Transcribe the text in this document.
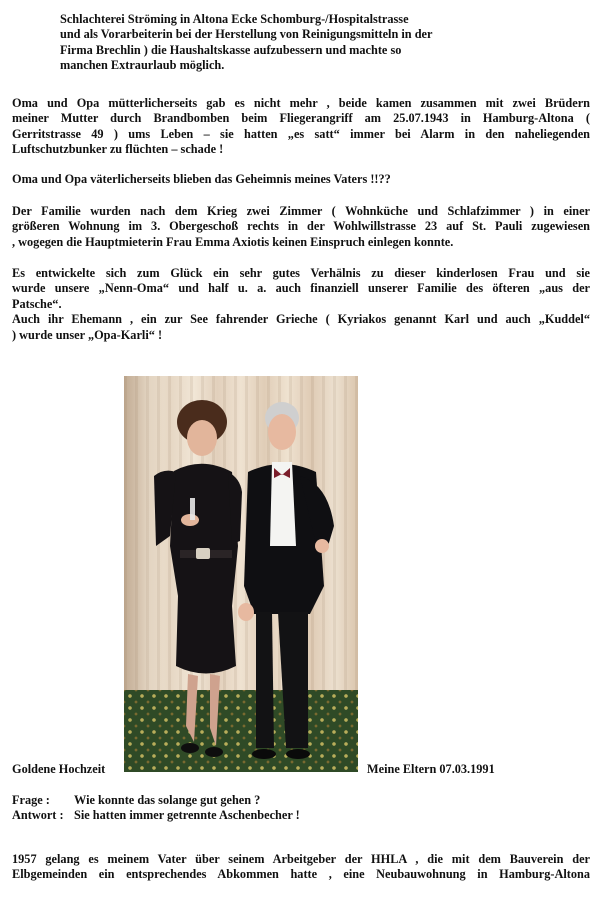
Schlachterei Ströming in Altona Ecke Schomburg-/Hospitalstrasse
und als Vorarbeiterin bei der Herstellung von Reinigungsmitteln in der
Firma Brechlin ) die Haushaltskasse aufzubessern und machte so
manchen Extraurlaub möglich.
Oma und Opa mütterlicherseits gab es nicht mehr , beide kamen zusammen mit zwei Brüdern
meiner Mutter durch Brandbomben beim Fliegerangriff am 25.07.1943 in Hamburg-Altona (
Gerritstrasse 49 ) ums Leben – sie hatten „es satt“ immer bei Alarm in den naheliegenden
Luftschutzbunker zu flüchten – schade !
Oma und Opa väterlicherseits blieben das Geheimnis meines Vaters !!??
Der Familie wurden nach dem Krieg zwei Zimmer ( Wohnküche und Schlafzimmer ) in einer
größeren Wohnung im 3. Obergeschoß rechts in der Wohlwillstrasse 23 auf St. Pauli zugewiesen
, wogegen die Hauptmieterin Frau Emma Axiotis keinen Einspruch einlegen konnte.
Es entwickelte sich zum Glück ein sehr gutes Verhälnis zu dieser kinderlosen Frau und sie
wurde unsere „Nenn-Oma“ und half u. a. auch finanziell unserer Familie des öfteren „aus der
Patsche“.
Auch ihr Ehemann , ein zur See fahrender Grieche ( Kyriakos genannt Karl und auch „Kuddel“
) wurde unser „Opa-Karli“ !
Goldene Hochzeit	Meine Eltern 07.03.1991
Frage : Wie konnte das solange gut gehen ?
Antwort : Sie hatten immer getrennte Aschenbecher !
1957 gelang es meinem Vater über seinem Arbeitgeber der HHLA , die mit dem Bauverein der
Elbgemeinden ein entsprechendes Abkommen hatte , eine Neubauwohnung in Hamburg-Altona
